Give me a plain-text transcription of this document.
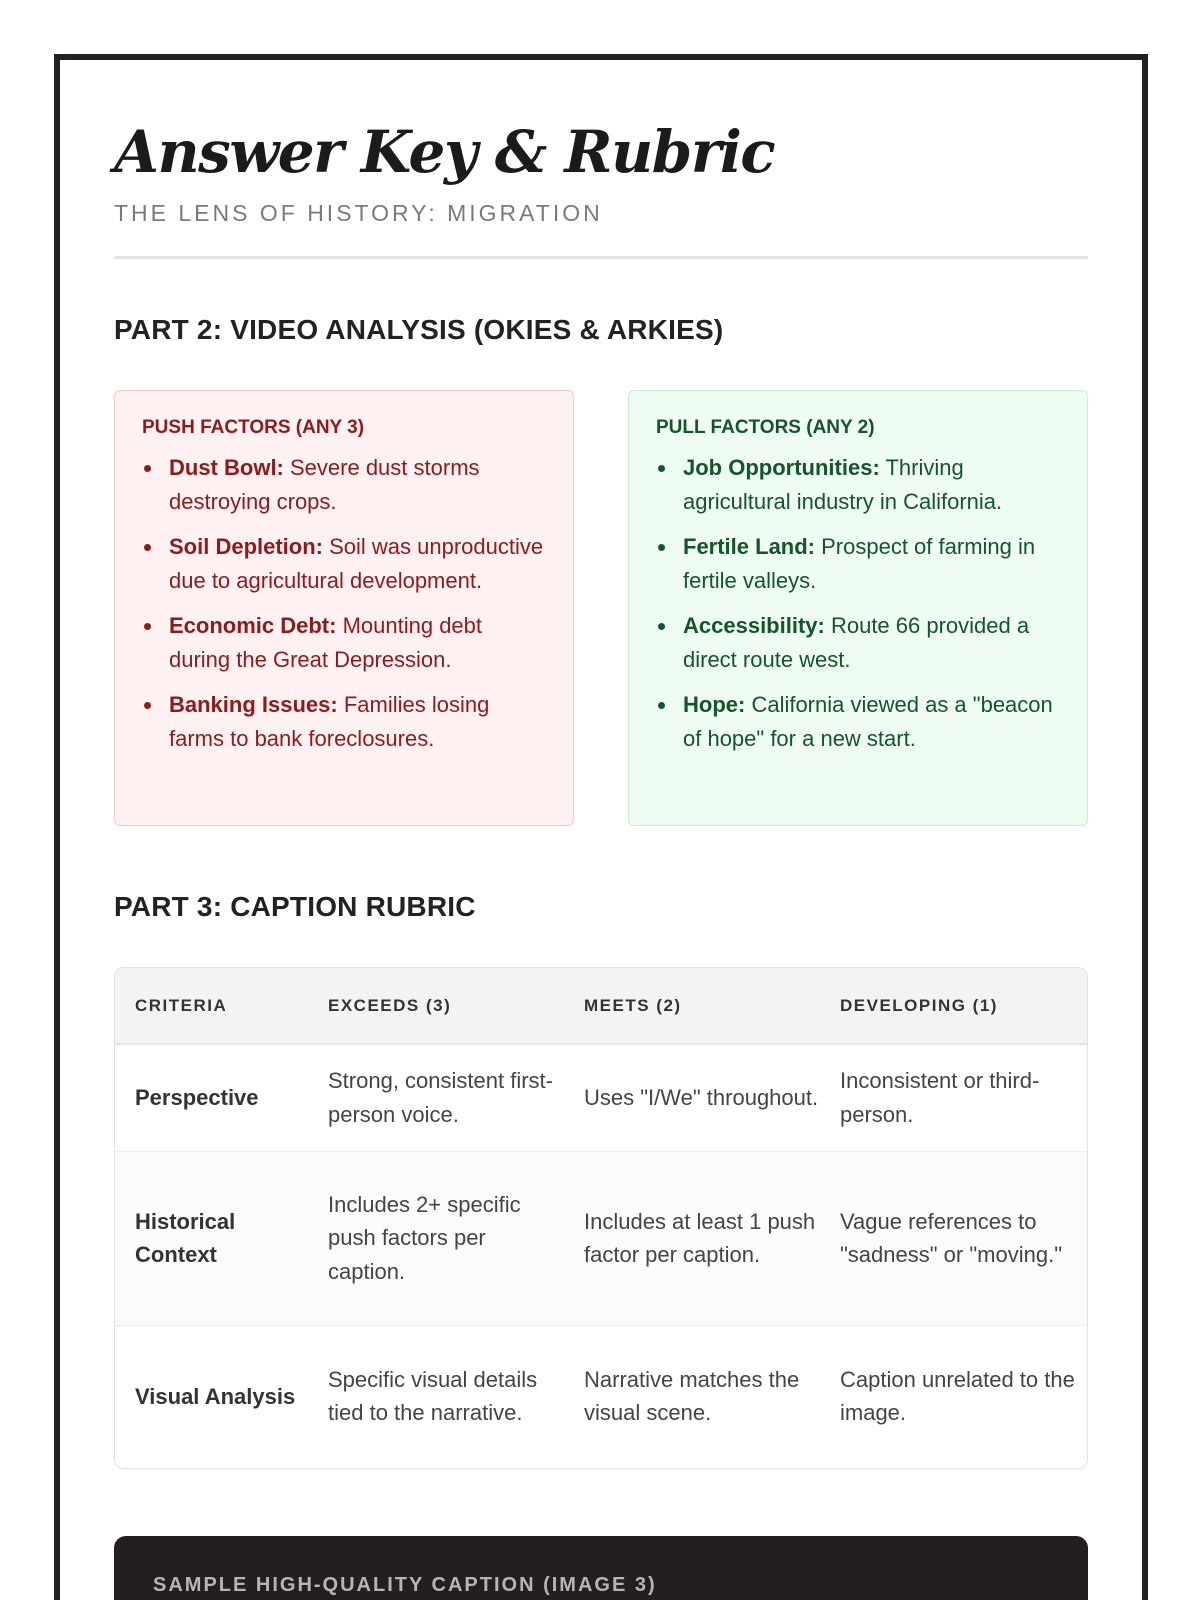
Answer Key & Rubric
THE LENS OF HISTORY: MIGRATION
PART 2: VIDEO ANALYSIS (OKIES & ARKIES)
PUSH FACTORS (ANY 3)
Dust Bowl: Severe dust storms destroying crops.
Soil Depletion: Soil was unproductive due to agricultural development.
Economic Debt: Mounting debt during the Great Depression.
Banking Issues: Families losing farms to bank foreclosures.
PULL FACTORS (ANY 2)
Job Opportunities: Thriving agricultural industry in California.
Fertile Land: Prospect of farming in fertile valleys.
Accessibility: Route 66 provided a direct route west.
Hope: California viewed as a "beacon of hope" for a new start.
PART 3: CAPTION RUBRIC
CRITERIA	EXCEEDS (3)	MEETS (2)	DEVELOPING (1)
Perspective	Strong, consistent first-person voice.	Uses "I/We" throughout.	Inconsistent or third-person.
Historical Context	Includes 2+ specific push factors per caption.	Includes at least 1 push factor per caption.	Vague references to "sadness" or "moving."
Visual Analysis	Specific visual details tied to the narrative.	Narrative matches the visual scene.	Caption unrelated to the image.
SAMPLE HIGH-QUALITY CAPTION (IMAGE 3)
